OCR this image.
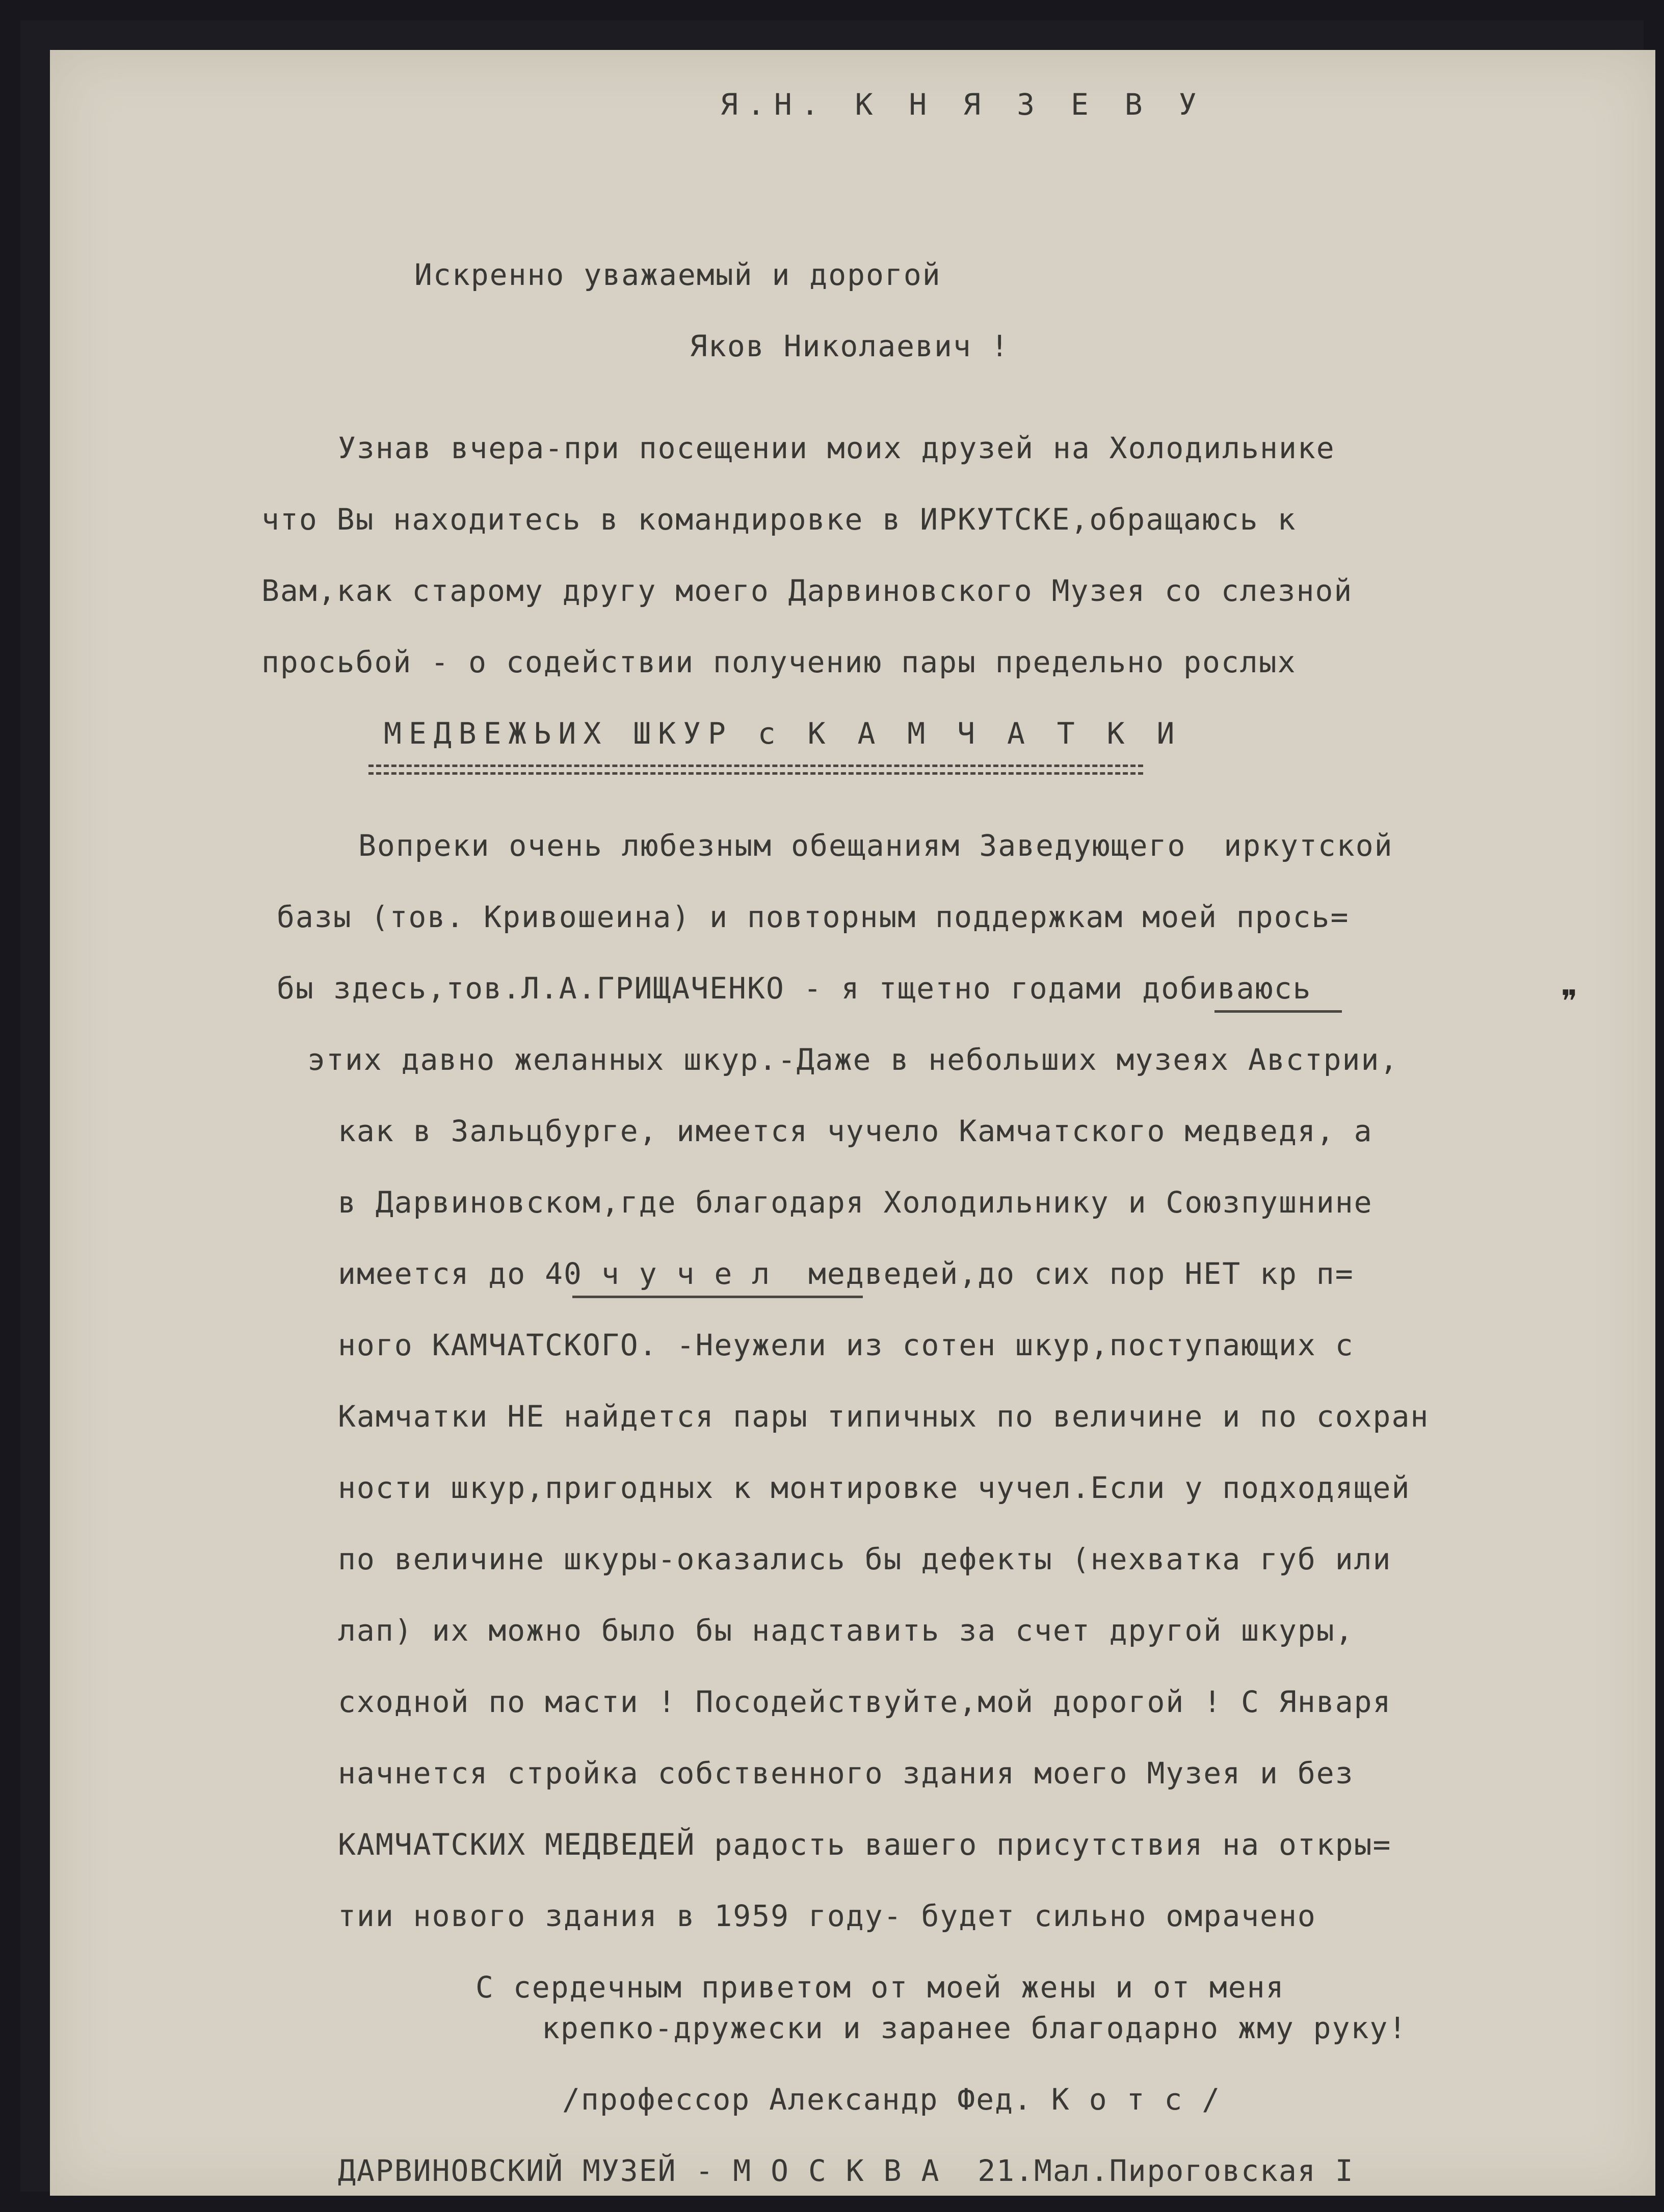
Я.Н. К Н Я З Е В У
Искренно уважаемый и дорогой
Яков Николаевич !
Узнав вчера-при посещении моих друзей на Холодильнике
что Вы находитесь в командировке в ИРКУТСКЕ,обращаюсь к
Вам,как старому другу моего Дарвиновского Музея со слезной
просьбой - о содействии получению пары предельно рослых
МЕДВЕЖЬИХ ШКУР с К А М Ч А Т К И
Вопреки очень любезным обещаниям Заведующего  иркутской
базы (тов. Кривошеина) и повторным поддержкам моей прось=
бы здесь,тов.Л.А.ГРИЩАЧЕНКО - я тщетно годами добиваюсь	❞
этих давно желанных шкур.-Даже в небольших музеях Австрии,
как в Зальцбурге, имеется чучело Камчатского медведя, а
в Дарвиновском,где благодаря Холодильнику и Союзпушнине
имеется до 40 ч у ч е л  медведей,до сих пор НЕТ кр п=
ного КАМЧАТСКОГО. -Неужели из сотен шкур,поступающих с
Камчатки НЕ найдется пары типичных по величине и по сохран
ности шкур,пригодных к монтировке чучел.Если у подходящей
по величине шкуры-оказались бы дефекты (нехватка губ или
лап) их можно было бы надставить за счет другой шкуры,
сходной по масти ! Посодействуйте,мой дорогой ! С Января
начнется стройка собственного здания моего Музея и без
КАМЧАТСКИХ МЕДВЕДЕЙ радость вашего присутствия на откры=
тии нового здания в 1959 году- будет сильно омрачено
С сердечным приветом от моей жены и от меня
крепко-дружески и заранее благодарно жму руку!
/профессор Александр Фед. К о т с /
ДАРВИНОВСКИЙ МУЗЕЙ - М О С К В А  21.Мал.Пироговская I
